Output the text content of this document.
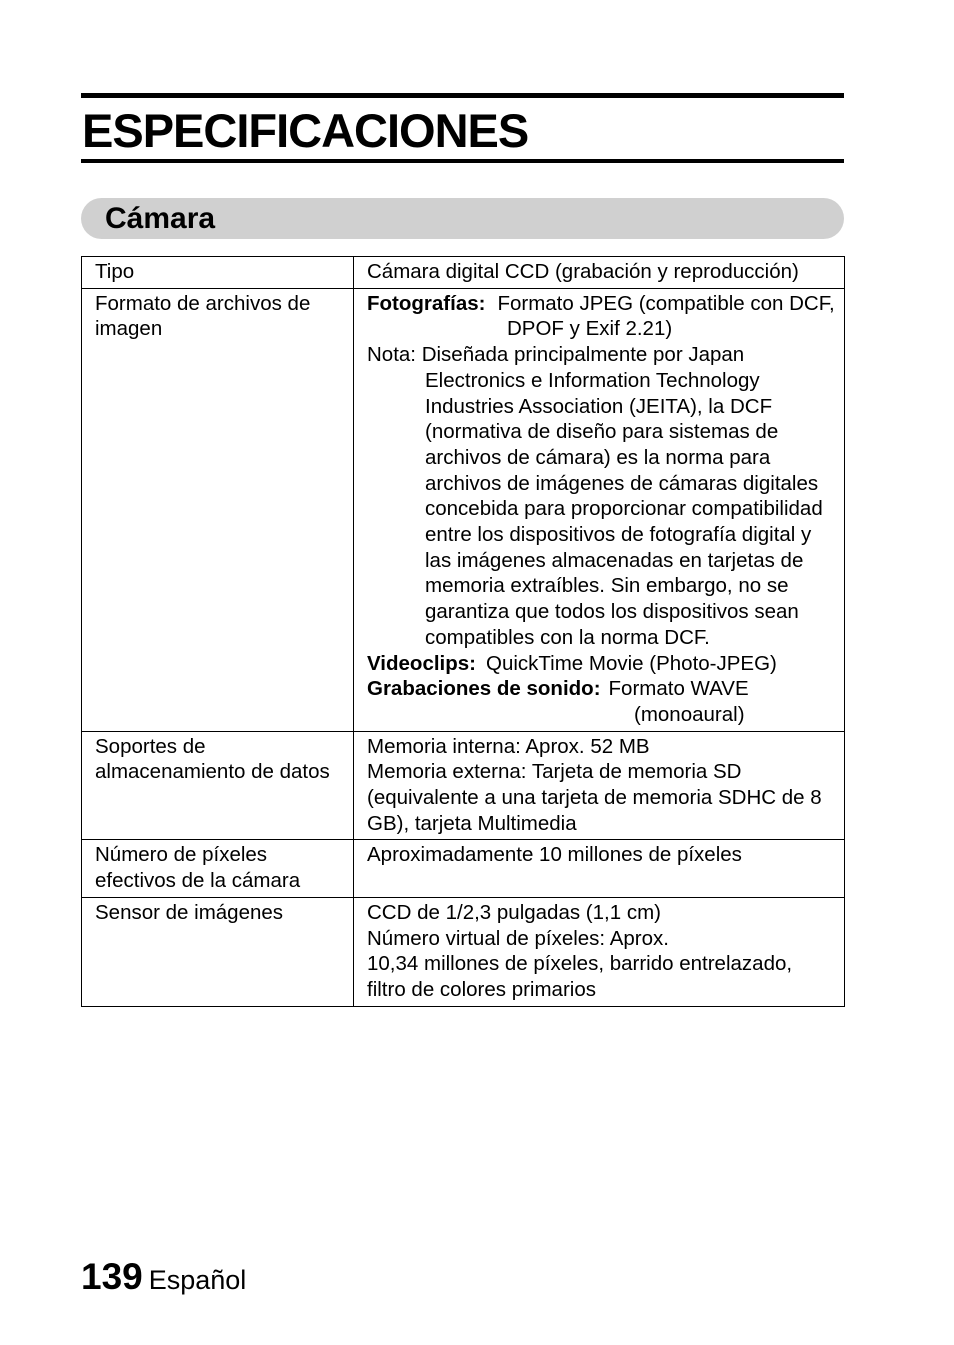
ESPECIFICACIONES
Cámara
Tipo	Cámara digital CCD (grabación y reproducción)
Formato de archivos de imagen	Fotografías: Formato JPEG (compatible con DCF, DPOF y Exif 2.21)
Nota: Diseñada principalmente por Japan Electronics e Information Technology Industries Association (JEITA), la DCF (normativa de diseño para sistemas de archivos de cámara) es la norma para archivos de imágenes de cámaras digitales concebida para proporcionar compatibilidad entre los dispositivos de fotografía digital y las imágenes almacenadas en tarjetas de memoria extraíbles. Sin embargo, no se garantiza que todos los dispositivos sean compatibles con la norma DCF.
Videoclips: QuickTime Movie (Photo-JPEG)
Grabaciones de sonido: Formato WAVE (monoaural)

Soportes de almacenamiento de datos	Memoria interna: Aprox. 52 MB
Memoria externa: Tarjeta de memoria SD (equivalente a una tarjeta de memoria SDHC de 8 GB), tarjeta Multimedia

Número de píxeles efectivos de la cámara	Aproximadamente 10 millones de píxeles
Sensor de imágenes	CCD de 1/2,3 pulgadas (1,1 cm)
Número virtual de píxeles: Aprox.
10,34 millones de píxeles, barrido entrelazado, filtro de colores primarios
139 Español
